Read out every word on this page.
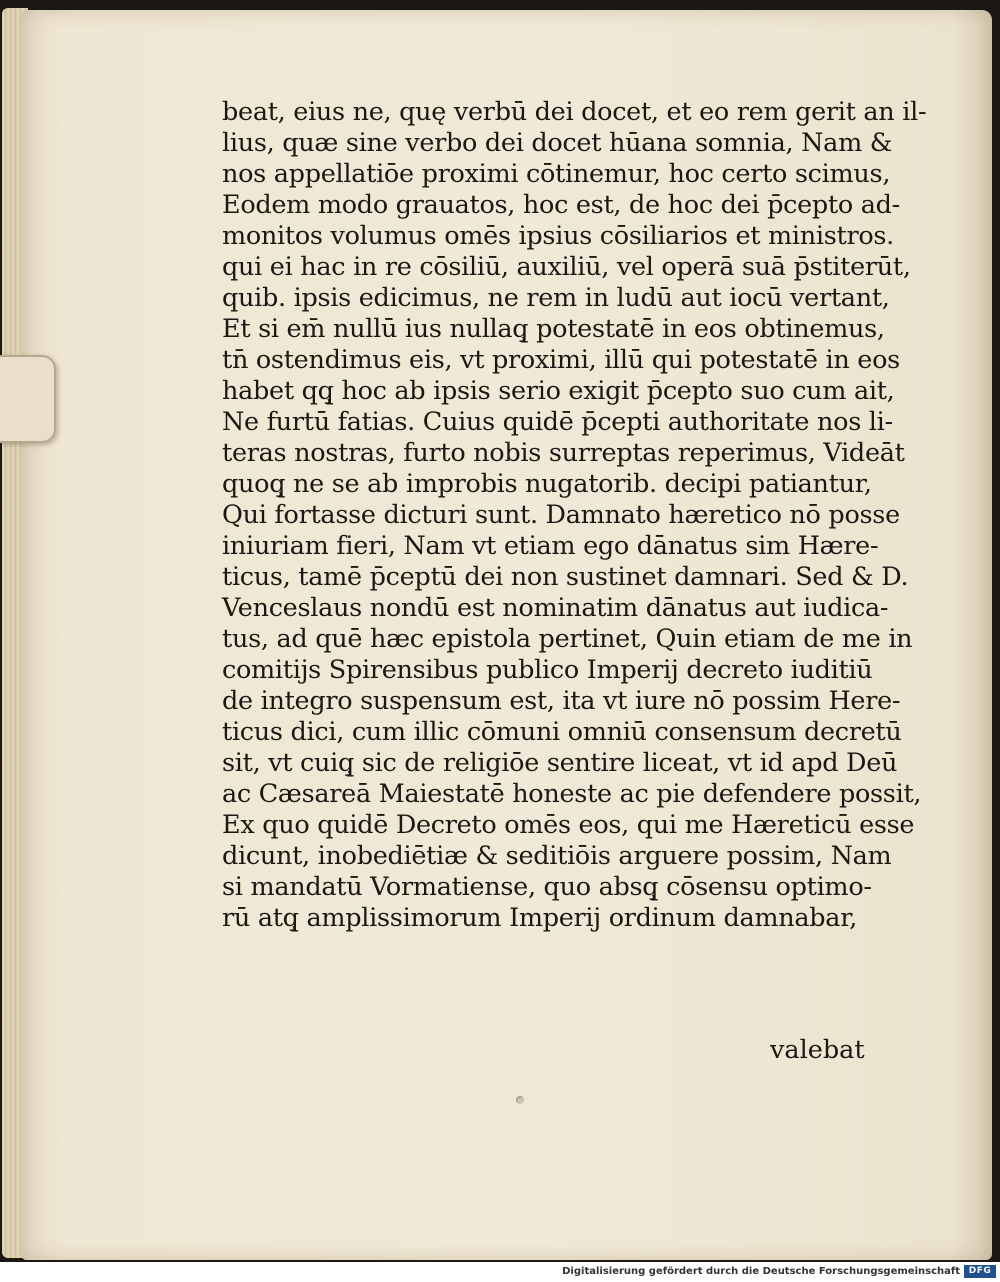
beat, eius ne, quę verbū dei docet, et eo rem gerit an il-
lius, quæ sine verbo dei docet hūana somnia, Nam &
nos appellatiōe proximi cōtinemur, hoc certo scimus,
Eodem modo grauatos, hoc est, de hoc dei p̄cepto ad-
monitos volumus omēs ipsius cōsiliarios et ministros.
qui ei hac in re cōsiliū, auxiliū, vel operā suā p̄stiterūt,
quib. ipsis edicimus, ne rem in ludū aut iocū vertant,
Et si em̄ nullū ius nullaq̧ potestatē in eos obtinemus,
tn̄ ostendimus eis, vt proximi, illū qui potestatē in eos
habet qq̧ hoc ab ipsis serio exigit p̄cepto suo cum ait,
Ne furtū fatias. Cuius quidē p̄cepti authoritate nos li-
teras nostras, furto nobis surreptas reperimus, Videāt
quoq̧ ne se ab improbis nugatorib. decipi patiantur,
Qui fortasse dicturi sunt. Damnato hæretico nō posse
iniuriam fieri, Nam vt etiam ego dānatus sim Hære-
ticus, tamē p̄ceptū dei non sustinet damnari. Sed & D.
Venceslaus nondū est nominatim dānatus aut iudica-
tus, ad quē hæc epistola pertinet, Quin etiam de me in
comitijs Spirensibus publico Imperij decreto iuditiū
de integro suspensum est, ita vt iure nō possim Here-
ticus dici, cum illic cōmuni omniū consensum decretū
sit, vt cuiq̧ sic de religiōe sentire liceat, vt id apd Deū
ac Cæsareā Maiestatē honeste ac pie defendere possit,
Ex quo quidē Decreto omēs eos, qui me Hæreticū esse
dicunt, inobediētiæ & seditiōis arguere possim, Nam
si mandatū Vormatiense, quo absq̧ cōsensu optimo-
rū atq̧ amplissimorum Imperij ordinum damnabar,
valebat
Digitalisierung gefördert durch die Deutsche Forschungsgemeinschaft DFG
